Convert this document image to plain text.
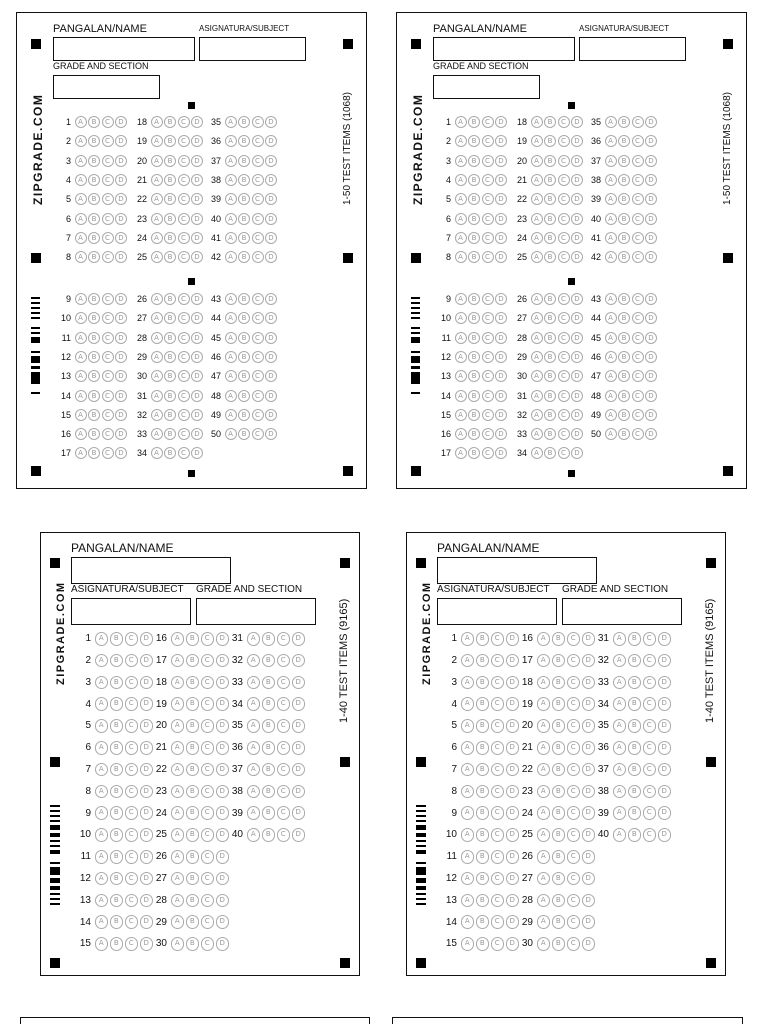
PANGALAN/NAME	ASIGNATURA/SUBJECT
GRADE AND SECTION
ZIPGRADE.COM	1-50 TEST ITEMS (1068)
1	A	B	C	D
2	A	B	C	D
3	A	B	C	D
4	A	B	C	D
5	A	B	C	D
6	A	B	C	D
7	A	B	C	D
8	A	B	C	D
18	A	B	C	D
19	A	B	C	D
20	A	B	C	D
21	A	B	C	D
22	A	B	C	D
23	A	B	C	D
24	A	B	C	D
25	A	B	C	D
35	A	B	C	D
36	A	B	C	D
37	A	B	C	D
38	A	B	C	D
39	A	B	C	D
40	A	B	C	D
41	A	B	C	D
42	A	B	C	D
9	A	B	C	D
10	A	B	C	D
11	A	B	C	D
12	A	B	C	D
13	A	B	C	D
14	A	B	C	D
15	A	B	C	D
16	A	B	C	D
17	A	B	C	D
26	A	B	C	D
27	A	B	C	D
28	A	B	C	D
29	A	B	C	D
30	A	B	C	D
31	A	B	C	D
32	A	B	C	D
33	A	B	C	D
34	A	B	C	D
43	A	B	C	D
44	A	B	C	D
45	A	B	C	D
46	A	B	C	D
47	A	B	C	D
48	A	B	C	D
49	A	B	C	D
50	A	B	C	D
PANGALAN/NAME	ASIGNATURA/SUBJECT
GRADE AND SECTION
ZIPGRADE.COM	1-50 TEST ITEMS (1068)
1	A	B	C	D
2	A	B	C	D
3	A	B	C	D
4	A	B	C	D
5	A	B	C	D
6	A	B	C	D
7	A	B	C	D
8	A	B	C	D
18	A	B	C	D
19	A	B	C	D
20	A	B	C	D
21	A	B	C	D
22	A	B	C	D
23	A	B	C	D
24	A	B	C	D
25	A	B	C	D
35	A	B	C	D
36	A	B	C	D
37	A	B	C	D
38	A	B	C	D
39	A	B	C	D
40	A	B	C	D
41	A	B	C	D
42	A	B	C	D
9	A	B	C	D
10	A	B	C	D
11	A	B	C	D
12	A	B	C	D
13	A	B	C	D
14	A	B	C	D
15	A	B	C	D
16	A	B	C	D
17	A	B	C	D
26	A	B	C	D
27	A	B	C	D
28	A	B	C	D
29	A	B	C	D
30	A	B	C	D
31	A	B	C	D
32	A	B	C	D
33	A	B	C	D
34	A	B	C	D
43	A	B	C	D
44	A	B	C	D
45	A	B	C	D
46	A	B	C	D
47	A	B	C	D
48	A	B	C	D
49	A	B	C	D
50	A	B	C	D
PANGALAN/NAME
ASIGNATURA/SUBJECT GRADE AND SECTION
ZIPGRADE.COM	1-40 TEST ITEMS (9165)
1	A	B	C	D
2	A	B	C	D
3	A	B	C	D
4	A	B	C	D
5	A	B	C	D
6	A	B	C	D
7	A	B	C	D
8	A	B	C	D
9	A	B	C	D
10	A	B	C	D
11	A	B	C	D
12	A	B	C	D
13	A	B	C	D
14	A	B	C	D
15	A	B	C	D
16	A	B	C	D
17	A	B	C	D
18	A	B	C	D
19	A	B	C	D
20	A	B	C	D
21	A	B	C	D
22	A	B	C	D
23	A	B	C	D
24	A	B	C	D
25	A	B	C	D
26	A	B	C	D
27	A	B	C	D
28	A	B	C	D
29	A	B	C	D
30	A	B	C	D
31	A	B	C	D
32	A	B	C	D
33	A	B	C	D
34	A	B	C	D
35	A	B	C	D
36	A	B	C	D
37	A	B	C	D
38	A	B	C	D
39	A	B	C	D
40	A	B	C	D
PANGALAN/NAME
ASIGNATURA/SUBJECT GRADE AND SECTION
ZIPGRADE.COM	1-40 TEST ITEMS (9165)
1	A	B	C	D
2	A	B	C	D
3	A	B	C	D
4	A	B	C	D
5	A	B	C	D
6	A	B	C	D
7	A	B	C	D
8	A	B	C	D
9	A	B	C	D
10	A	B	C	D
11	A	B	C	D
12	A	B	C	D
13	A	B	C	D
14	A	B	C	D
15	A	B	C	D
16	A	B	C	D
17	A	B	C	D
18	A	B	C	D
19	A	B	C	D
20	A	B	C	D
21	A	B	C	D
22	A	B	C	D
23	A	B	C	D
24	A	B	C	D
25	A	B	C	D
26	A	B	C	D
27	A	B	C	D
28	A	B	C	D
29	A	B	C	D
30	A	B	C	D
31	A	B	C	D
32	A	B	C	D
33	A	B	C	D
34	A	B	C	D
35	A	B	C	D
36	A	B	C	D
37	A	B	C	D
38	A	B	C	D
39	A	B	C	D
40	A	B	C	D
